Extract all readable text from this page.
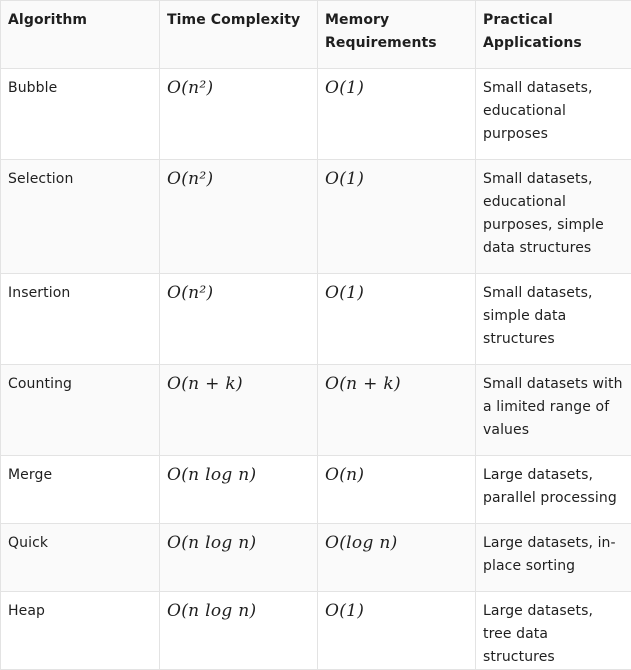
Algorithm	Time Complexity	Memory Requirements	Practical Applications
Bubble	O(n²)	O(1)	Small datasets, educational purposes
Selection	O(n²)	O(1)	Small datasets, educational purposes, simple data structures
Insertion	O(n²)	O(1)	Small datasets, simple data structures
Counting	O(n + k)	O(n + k)	Small datasets with a limited range of values
Merge	O(n log n)	O(n)	Large datasets, parallel processing
Quick	O(n log n)	O(log n)	Large datasets, in-place sorting
Heap	O(n log n)	O(1)	Large datasets, tree data structures
